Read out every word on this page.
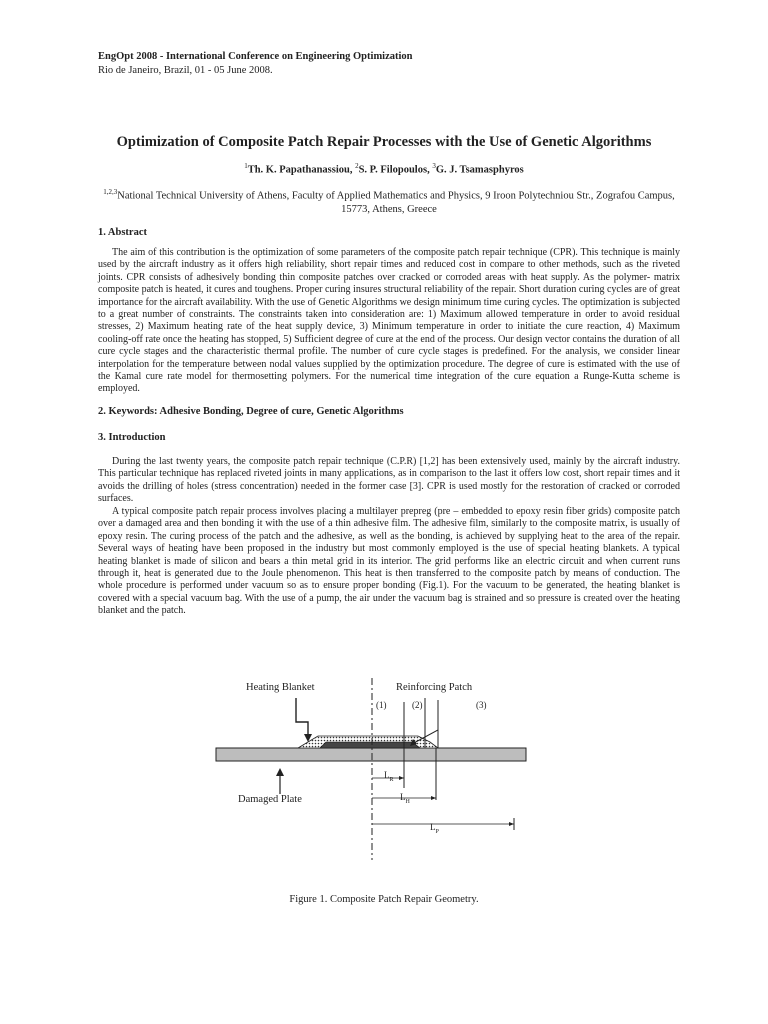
EngOpt 2008 - International Conference on Engineering Optimization
Rio de Janeiro, Brazil, 01 - 05 June 2008.
Optimization of Composite Patch Repair Processes with the Use of Genetic Algorithms
$^1$Th. K. Papathanassiou, $^2$S. P. Filopoulos, $^3$G. J. Tsamasphyros
$^{1,2,3}$National Technical University of Athens, Faculty of Applied Mathematics and Physics, 9 Iroon Polytechniou Str., Zografou Campus, 15773, Athens, Greece
1. Abstract

The aim of this contribution is the optimization of some parameters of the composite patch repair technique (CPR). This technique is mainly used by the aircraft industry as it offers high reliability, short repair times and reduced cost in compare to other methods, such as the riveted joints. CPR consists of adhesively bonding thin composite patches over cracked or corroded areas with heat supply. As the polymer- matrix composite patch is heated, it cures and toughens. Proper curing insures structural reliability of the repair. Short duration curing cycles are of great importance for the aircraft availability. With the use of Genetic Algorithms we design minimum time curing cycles. The optimization is subjected to a great number of constraints. The constraints taken into consideration are: 1) Maximum allowed temperature in order to avoid residual stresses, 2) Maximum heating rate of the heat supply device, 3) Minimum temperature in order to initiate the cure reaction, 4) Maximum cooling-off rate once the heating has stopped, 5) Sufficient degree of cure at the end of the process. Our design vector contains the duration of all cure cycle stages and the characteristic thermal profile. The number of cure cycle stages is predefined. For the analysis, we consider linear interpolation for the temperature between nodal values supplied by the optimization procedure. The degree of cure is estimated with the use of the Kamal cure rate model for thermosetting polymers. For the numerical time integration of the cure equation a Runge-Kutta scheme is employed.

2. Keywords: Adhesive Bonding, Degree of cure, Genetic Algorithms
3. Introduction

During the last twenty years, the composite patch repair technique (C.P.R) [1,2] has been extensively used, mainly by the aircraft industry. This particular technique has replaced riveted joints in many applications, as in comparison to the last it offers low cost, short repair times and it avoids the drilling of holes (stress concentration) needed in the former case [3]. CPR is used mostly for the restoration of cracked or corroded surfaces.

A typical composite patch repair process involves placing a multilayer prepreg (pre – embedded to epoxy resin fiber grids) composite patch over a damaged area and then bonding it with the use of a thin adhesive film. The adhesive film, similarly to the composite matrix, is usually of epoxy resin. The curing process of the patch and the adhesive, as well as the bonding, is achieved by supplying heat to the area of the repair. Several ways of heating have been proposed in the industry but most commonly employed is the use of special heating blankets. A typical heating blanket is made of silicon and bears a thin metal grid in its interior. The grid performs like an electric circuit and when current runs through it, heat is generated due to the Joule phenomenon. This heat is then transferred to the composite patch by means of conduction. The whole procedure is performed under vacuum so as to ensure proper bonding (Fig.1). For the vacuum to be generated, the heating blanket is covered with a special vacuum bag. With the use of a pump, the air under the vacuum bag is strained and so pressure is created over the heating blanket and the patch.

Heating Blanket	Reinforcing Patch
(1)	(2)	(3)
Damaged Plate
$L_R$
$L_H$
$L_P$
Figure 1. Composite Patch Repair Geometry.
